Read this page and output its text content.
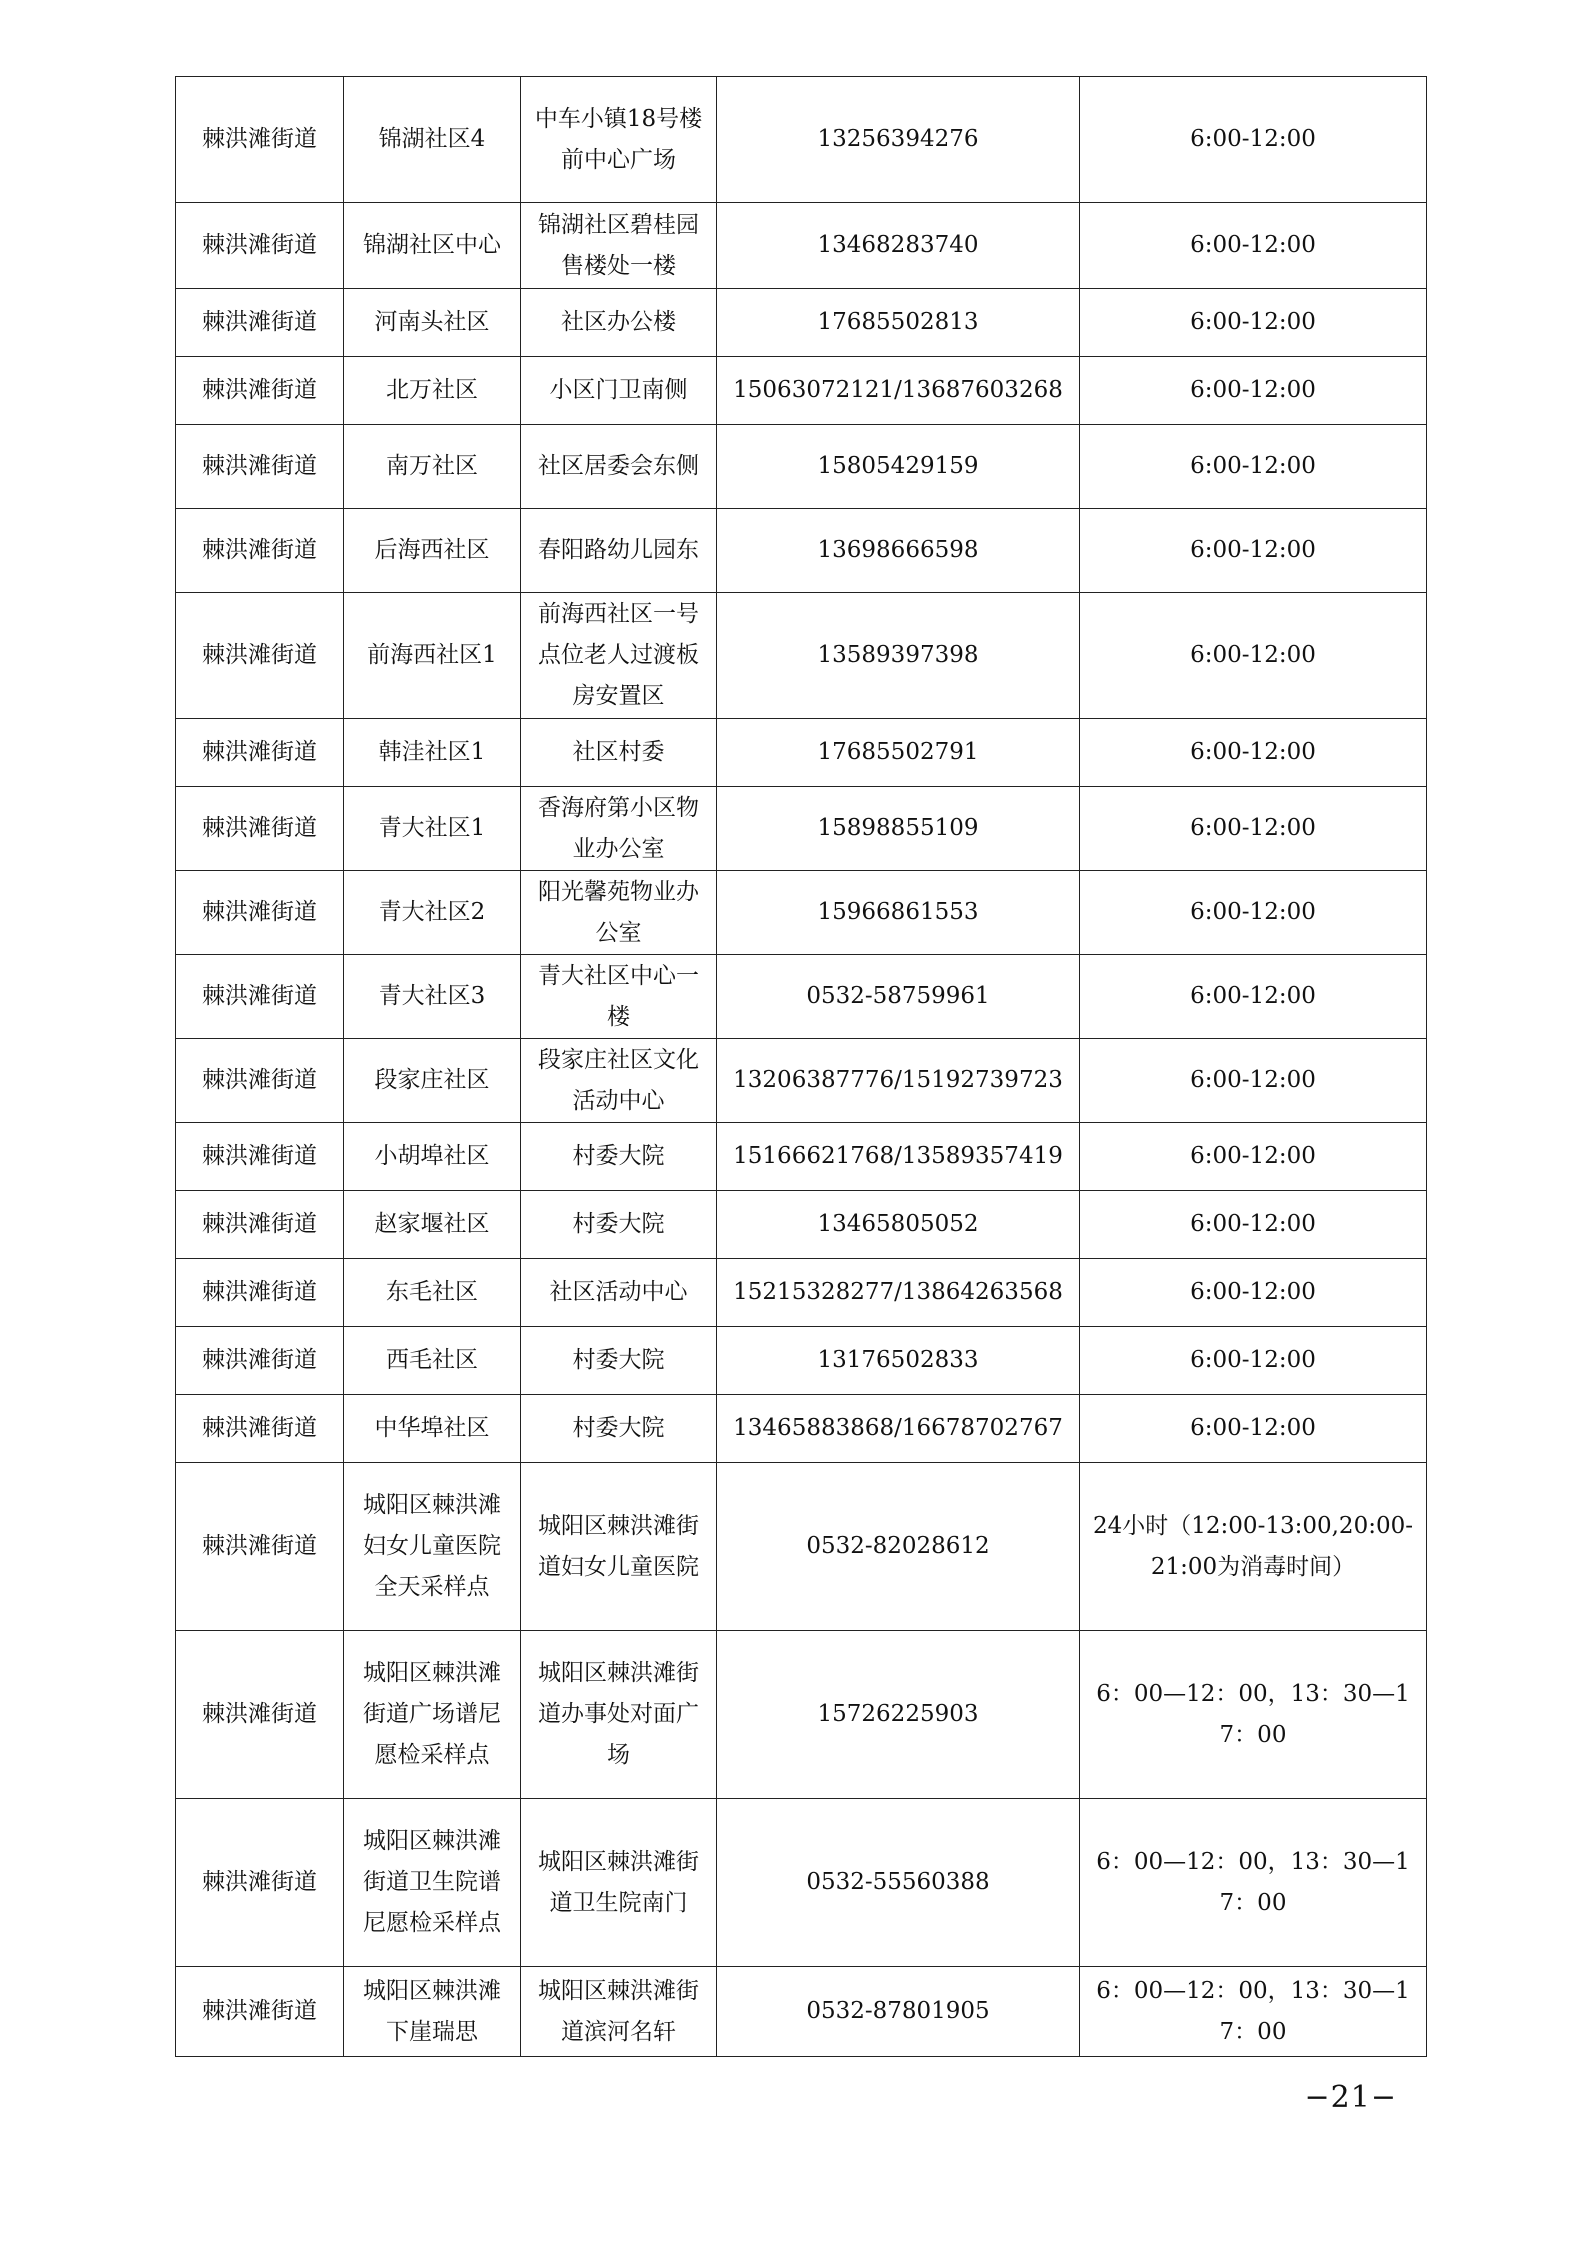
棘洪滩街道	锦湖社区4	中车小镇18号楼前中心广场	13256394276	6:00-12:00
棘洪滩街道	锦湖社区中心	锦湖社区碧桂园售楼处一楼	13468283740	6:00-12:00
棘洪滩街道	河南头社区	社区办公楼	17685502813	6:00-12:00
棘洪滩街道	北万社区	小区门卫南侧	15063072121/13687603268	6:00-12:00
棘洪滩街道	南万社区	社区居委会东侧	15805429159	6:00-12:00
棘洪滩街道	后海西社区	春阳路幼儿园东	13698666598	6:00-12:00
棘洪滩街道	前海西社区1	前海西社区一号点位老人过渡板房安置区	13589397398	6:00-12:00
棘洪滩街道	韩洼社区1	社区村委	17685502791	6:00-12:00
棘洪滩街道	青大社区1	香海府第小区物业办公室	15898855109	6:00-12:00
棘洪滩街道	青大社区2	阳光馨苑物业办公室	15966861553	6:00-12:00
棘洪滩街道	青大社区3	青大社区中心一楼	0532-58759961	6:00-12:00
棘洪滩街道	段家庄社区	段家庄社区文化活动中心	13206387776/15192739723	6:00-12:00
棘洪滩街道	小胡埠社区	村委大院	15166621768/13589357419	6:00-12:00
棘洪滩街道	赵家堰社区	村委大院	13465805052	6:00-12:00
棘洪滩街道	东毛社区	社区活动中心	15215328277/13864263568	6:00-12:00
棘洪滩街道	西毛社区	村委大院	13176502833	6:00-12:00
棘洪滩街道	中华埠社区	村委大院	13465883868/16678702767	6:00-12:00
棘洪滩街道	城阳区棘洪滩妇女儿童医院全天采样点	城阳区棘洪滩街道妇女儿童医院	0532-82028612	24小时（12:00-13:00,20:00-21:00为消毒时间）
棘洪滩街道	城阳区棘洪滩街道广场谱尼愿检采样点	城阳区棘洪滩街道办事处对面广场	15726225903	6：00—12：00，13：30—17：00
棘洪滩街道	城阳区棘洪滩街道卫生院谱尼愿检采样点	城阳区棘洪滩街道卫生院南门	0532-55560388	6：00—12：00，13：30—17：00
棘洪滩街道	城阳区棘洪滩下崖瑞思	城阳区棘洪滩街道滨河名轩	0532-87801905	6：00—12：00，13：30—17：00
−21−
